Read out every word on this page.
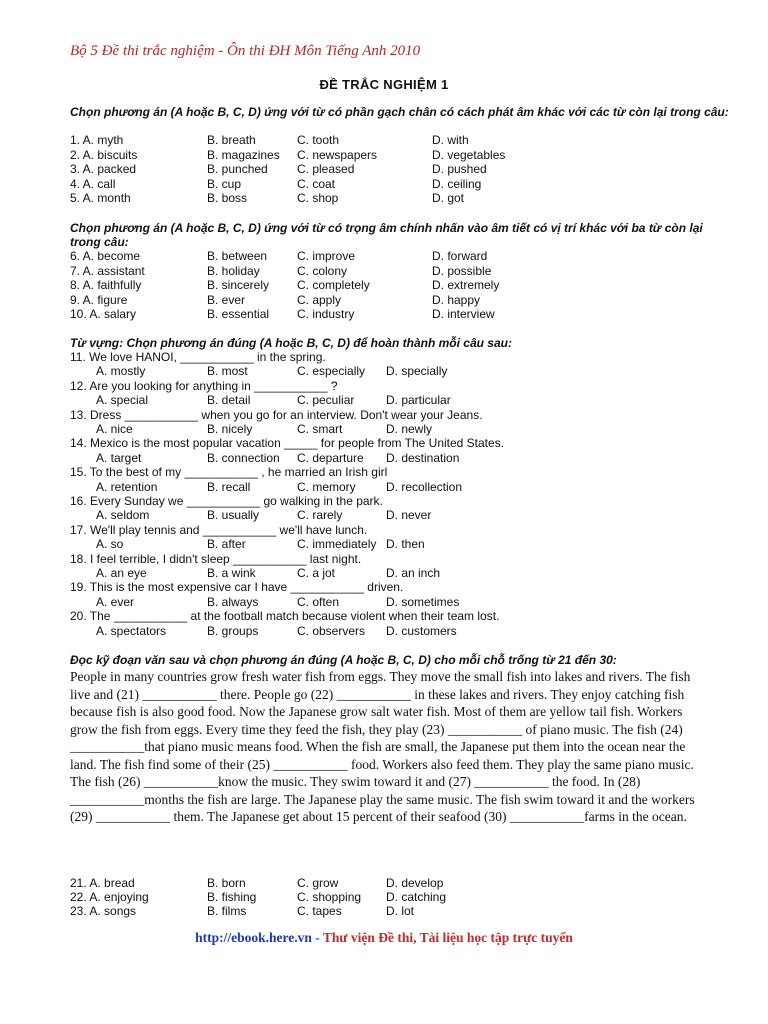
Bộ 5 Đề thi trắc nghiệm - Ôn thi ĐH Môn Tiếng Anh 2010
ĐỀ TRẮC NGHIỆM 1
Chọn phương án (A hoặc B, C, D) ứng với từ có phần gạch chân có cách phát âm khác với các từ còn lại trong câu:
1. A. myth	B. breath	C. tooth	D. with
2. A. biscuits	B. magazines C. newspapers	D. vegetables
3. A. packed	B. punched C. pleased	D. pushed
4. A. call	B. cup	C. coat	D. ceiling
5. A. month	B. boss	C. shop	D. got
Chọn phương án (A hoặc B, C, D) ứng với từ có trọng âm chính nhấn vào âm tiết có vị trí khác với ba từ còn lại trong câu:
6. A. become	B. between C. improve	D. forward
7. A. assistant	B. holiday	C. colony	D. possible
8. A. faithfully	B. sincerely C. completely	D. extremely
9. A. figure	B. ever	C. apply	D. happy
10. A. salary	B. essential C. industry	D. interview
Từ vựng: Chọn phương án đúng (A hoặc B, C, D) để hoàn thành mỗi câu sau:
11. We love HANOI, ___________ in the spring.
A. mostly	B. most	C. especially D. specially
12. Are you looking for anything in ___________ ?
A. special	B. detail	C. peculiar	D. particular
13. Dress ___________ when you go for an interview. Don't wear your Jeans.
A. nice	B. nicely	C. smart	D. newly
14. Mexico is the most popular vacation _____ for people from The United States.
A. target	B. connection C. departure D. destination
15. To the best of my ___________ , he married an Irish girl
A. retention	B. recall	C. memory	D. recollection
16. Every Sunday we ___________ go walking in the park.
A. seldom	B. usually	C. rarely	D. never
17. We'll play tennis and ___________ we'll have lunch.
A. so	B. after	C. immediately D. then
18. I feel terrible, I didn't sleep ___________ last night.
A. an eye	B. a wink	C. a jot	D. an inch
19. This is the most expensive car I have ___________ driven.
A. ever	B. always	C. often	D. sometimes
20. The ___________ at the football match because violent when their team lost.
A. spectators	B. groups	C. observers D. customers
Đọc kỹ đoạn văn sau và chọn phương án đúng (A hoặc B, C, D) cho mỗi chỗ trống từ 21 đến 30:

People in many countries grow fresh water fish from eggs. They move the small fish into lakes and rivers. The fish live and (21) ___________ there. People go (22) ___________ in these lakes and rivers. They enjoy catching fish because fish is also good food. Now the Japanese grow salt water fish. Most of them are yellow tail fish. Workers grow the fish from eggs. Every time they feed the fish, they play (23) ___________ of piano music. The fish (24) ___________that piano music means food. When the fish are small, the Japanese put them into the ocean near the land. The fish find some of their (25) ___________ food. Workers also feed them. They play the same piano music. The fish (26) ___________know the music. They swim toward it and (27) ___________ the food. In (28) ___________months the fish are large. The Japanese play the same music. The fish swim toward it and the workers (29) ___________ them. The Japanese get about 15 percent of their seafood (30) ___________farms in the ocean.

21. A. bread	B. born	C. grow	D. develop
22. A. enjoying	B. fishing	C. shopping D. catching
23. A. songs	B. films	C. tapes	D. lot
http://ebook.here.vn - Thư viện Đề thi, Tài liệu học tập trực tuyến
